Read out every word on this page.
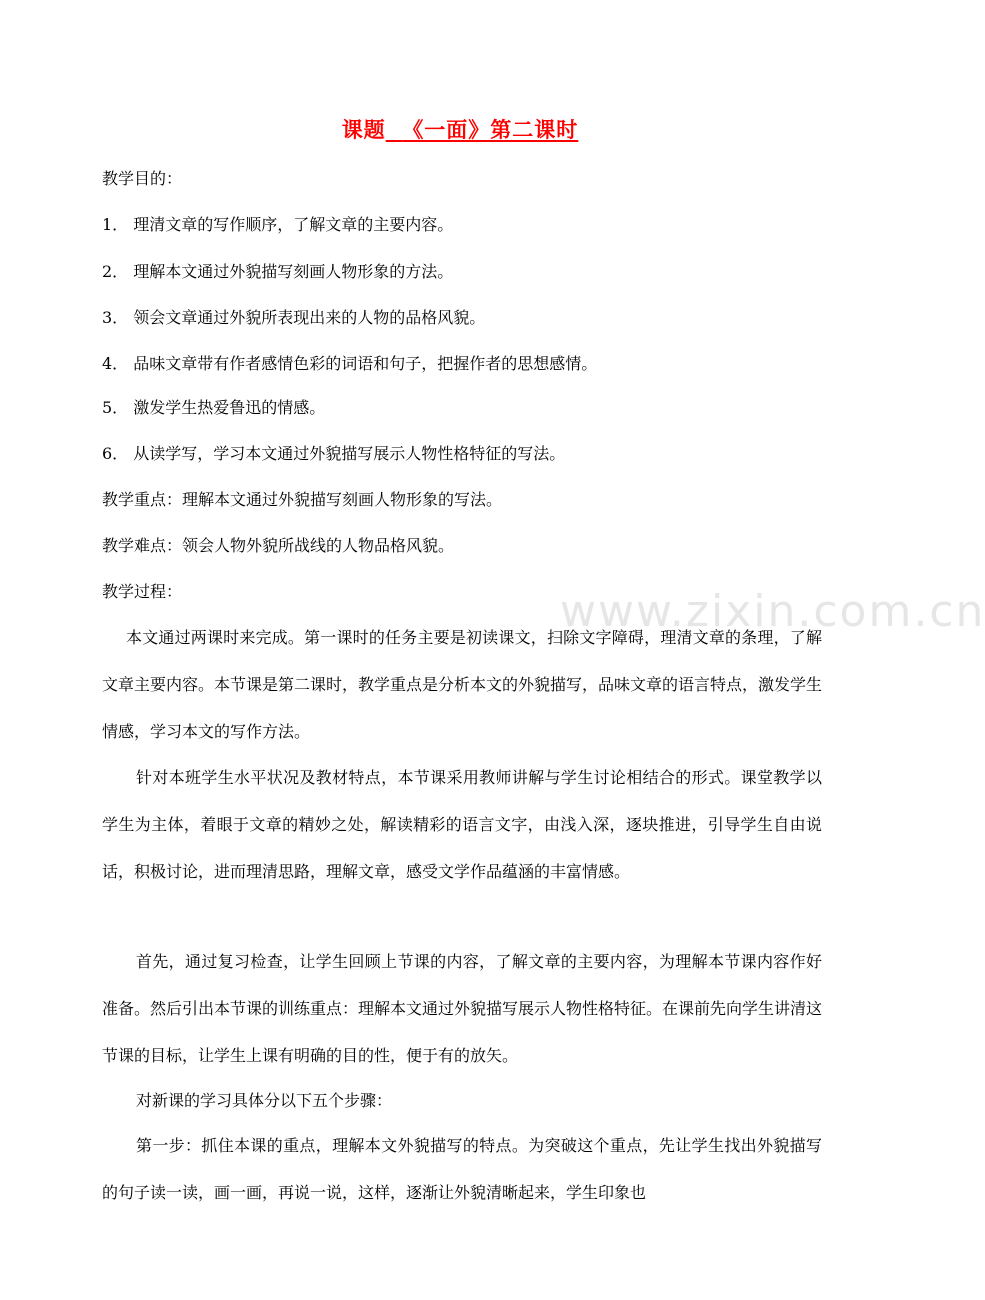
www.zixin.com.cn
课题 《一面》第二课时
教学目的：
1． 理清文章的写作顺序，了解文章的主要内容。
2． 理解本文通过外貌描写刻画人物形象的方法。
3． 领会文章通过外貌所表现出来的人物的品格风貌。
4． 品味文章带有作者感情色彩的词语和句子，把握作者的思想感情。
5． 激发学生热爱鲁迅的情感。
6． 从读学写，学习本文通过外貌描写展示人物性格特征的写法。
教学重点：理解本文通过外貌描写刻画人物形象的写法。
教学难点：领会人物外貌所战线的人物品格风貌。
教学过程：
本文通过两课时来完成。第一课时的任务主要是初读课文，扫除文字障碍，理清文章的条理，了解文章主要内容。本节课是第二课时，教学重点是分析本文的外貌描写，品味文章的语言特点，激发学生情感，学习本文的写作方法。
针对本班学生水平状况及教材特点，本节课采用教师讲解与学生讨论相结合的形式。课堂教学以学生为主体，着眼于文章的精妙之处，解读精彩的语言文字，由浅入深，逐块推进，引导学生自由说话，积极讨论，进而理清思路，理解文章，感受文学作品蕴涵的丰富情感。
首先，通过复习检查，让学生回顾上节课的内容，了解文章的主要内容，为理解本节课内容作好准备。然后引出本节课的训练重点：理解本文通过外貌描写展示人物性格特征。在课前先向学生讲清这节课的目标，让学生上课有明确的目的性，便于有的放矢。
对新课的学习具体分以下五个步骤：
第一步：抓住本课的重点，理解本文外貌描写的特点。为突破这个重点，先让学生找出外貌描写的句子读一读，画一画，再说一说，这样，逐渐让外貌清晰起来，学生印象也
